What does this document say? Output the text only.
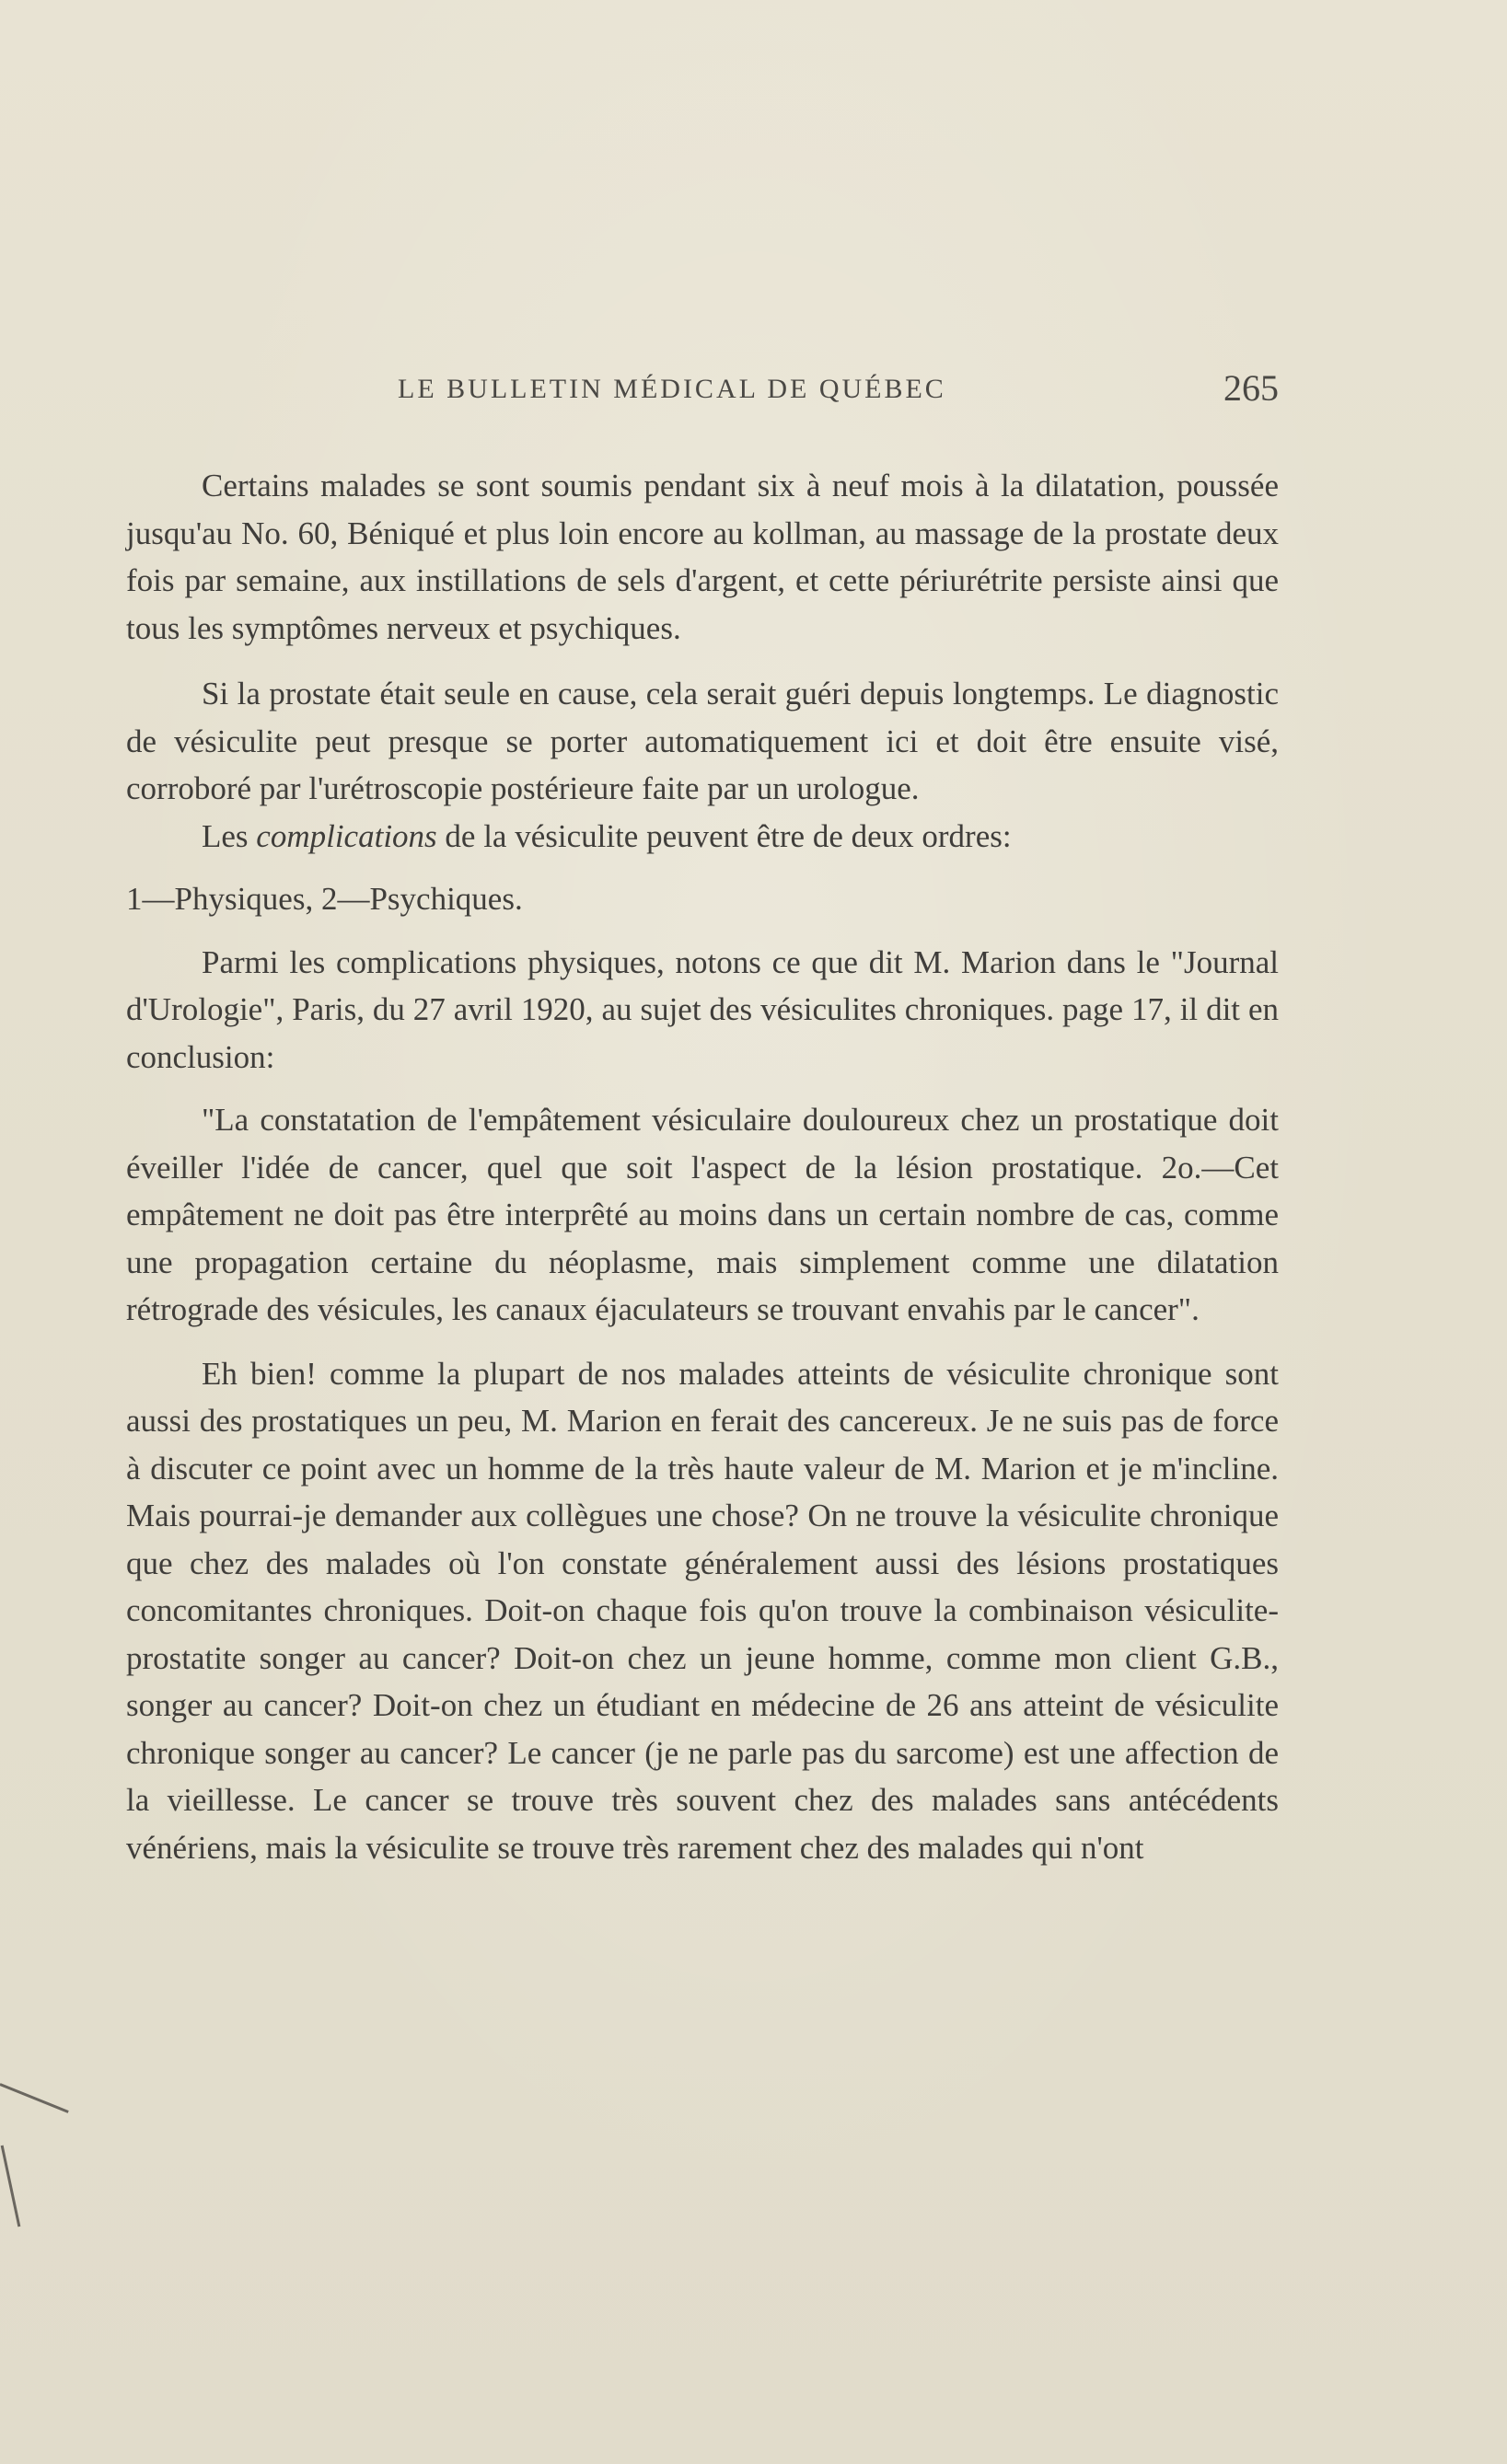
LE BULLETIN MÉDICAL DE QUÉBEC	265

Certains malades se sont soumis pendant six à neuf mois à la dilatation, poussée jusqu'au No. 60, Béniqué et plus loin encore au kollman, au massage de la prostate deux fois par semaine, aux instillations de sels d'argent, et cette périurétrite persiste ainsi que tous les symptômes nerveux et psychiques.

Si la prostate était seule en cause, cela serait guéri depuis longtemps. Le diagnostic de vésiculite peut presque se porter automatiquement ici et doit être ensuite visé, corroboré par l'urétroscopie postérieure faite par un urologue.

Les complications de la vésiculite peuvent être de deux ordres:

1—Physiques, 2—Psychiques.

Parmi les complications physiques, notons ce que dit M. Marion dans le "Journal d'Urologie", Paris, du 27 avril 1920, au sujet des vésiculites chroniques. page 17, il dit en conclusion:

"La constatation de l'empâtement vésiculaire douloureux chez un prostatique doit éveiller l'idée de cancer, quel que soit l'aspect de la lésion prostatique. 2o.—Cet empâtement ne doit pas être interprêté au moins dans un certain nombre de cas, comme une propagation certaine du néoplasme, mais simplement comme une dilatation rétrograde des vésicules, les canaux éjaculateurs se trouvant envahis par le cancer".

Eh bien! comme la plupart de nos malades atteints de vésiculite chronique sont aussi des prostatiques un peu, M. Marion en ferait des cancereux. Je ne suis pas de force à discuter ce point avec un homme de la très haute valeur de M. Marion et je m'incline. Mais pourrai-je demander aux collègues une chose? On ne trouve la vésiculite chronique que chez des malades où l'on constate généralement aussi des lésions prostatiques concomitantes chroniques. Doit-on chaque fois qu'on trouve la combinaison vésiculite-prostatite songer au cancer? Doit-on chez un jeune homme, comme mon client G.B., songer au cancer? Doit-on chez un étudiant en médecine de 26 ans atteint de vésiculite chronique songer au cancer? Le cancer (je ne parle pas du sarcome) est une affection de la vieillesse. Le cancer se trouve très souvent chez des malades sans antécédents vénériens, mais la vésiculite se trouve très rarement chez des malades qui n'ont
